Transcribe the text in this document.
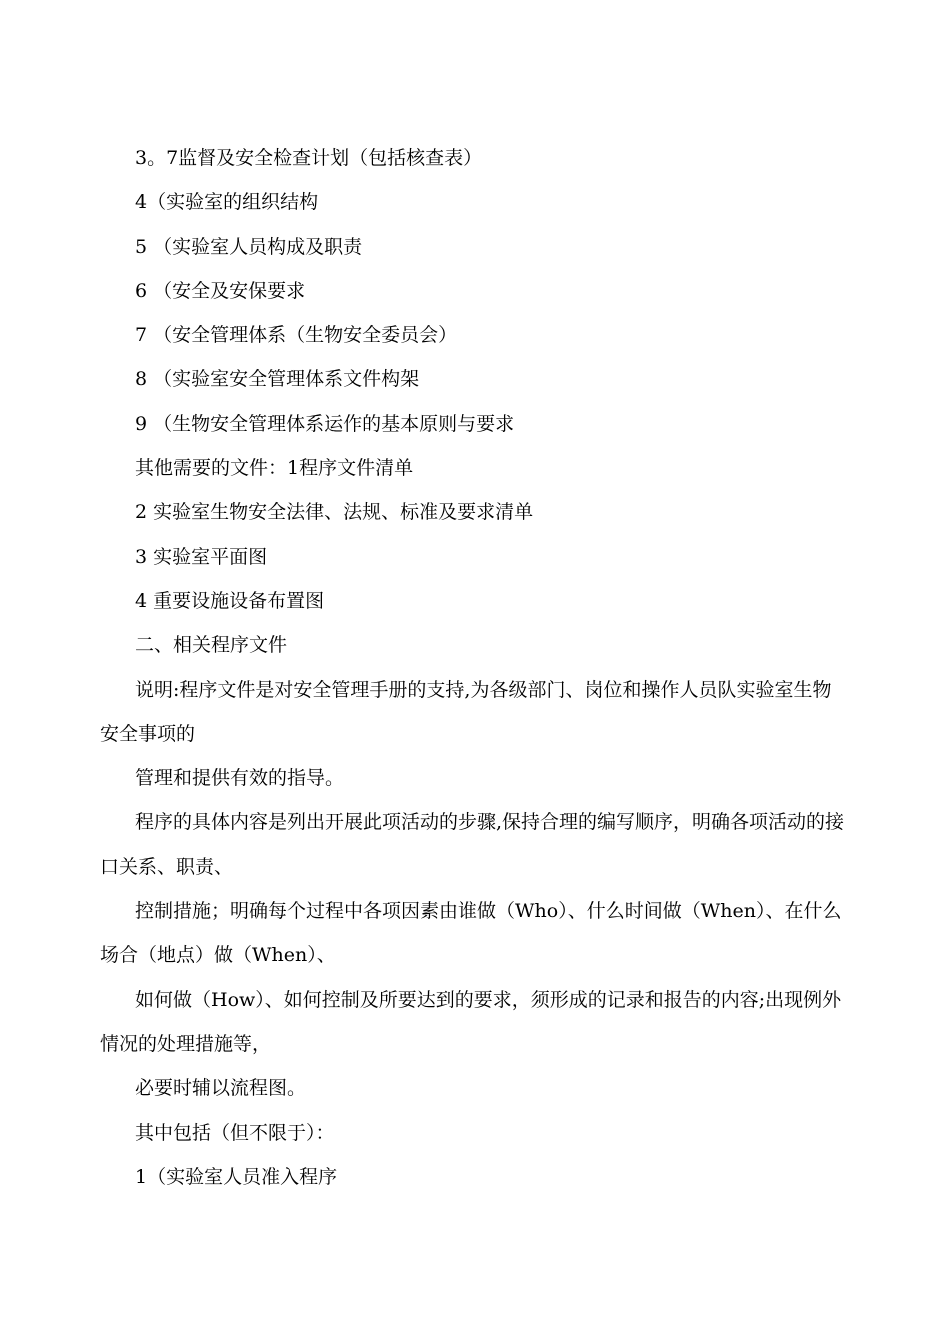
3。7监督及安全检查计划（包括核查表）
4（实验室的组织结构
5 （实验室人员构成及职责
6 （安全及安保要求
7 （安全管理体系（生物安全委员会）
8 （实验室安全管理体系文件构架
9 （生物安全管理体系运作的基本原则与要求
其他需要的文件：1程序文件清单
2 实验室生物安全法律、法规、标准及要求清单
3 实验室平面图
4 重要设施设备布置图
二、相关程序文件
说明:程序文件是对安全管理手册的支持,为各级部门、岗位和操作人员队实验室生物安全事项的
管理和提供有效的指导。
程序的具体内容是列出开展此项活动的步骤,保持合理的编写顺序，明确各项活动的接口关系、职责、
控制措施；明确每个过程中各项因素由谁做（Who）、什么时间做（When）、在什么场合（地点）做（When）、
如何做（How）、如何控制及所要达到的要求，须形成的记录和报告的内容;出现例外情况的处理措施等，
必要时辅以流程图。
其中包括（但不限于）：
1（实验室人员准入程序
